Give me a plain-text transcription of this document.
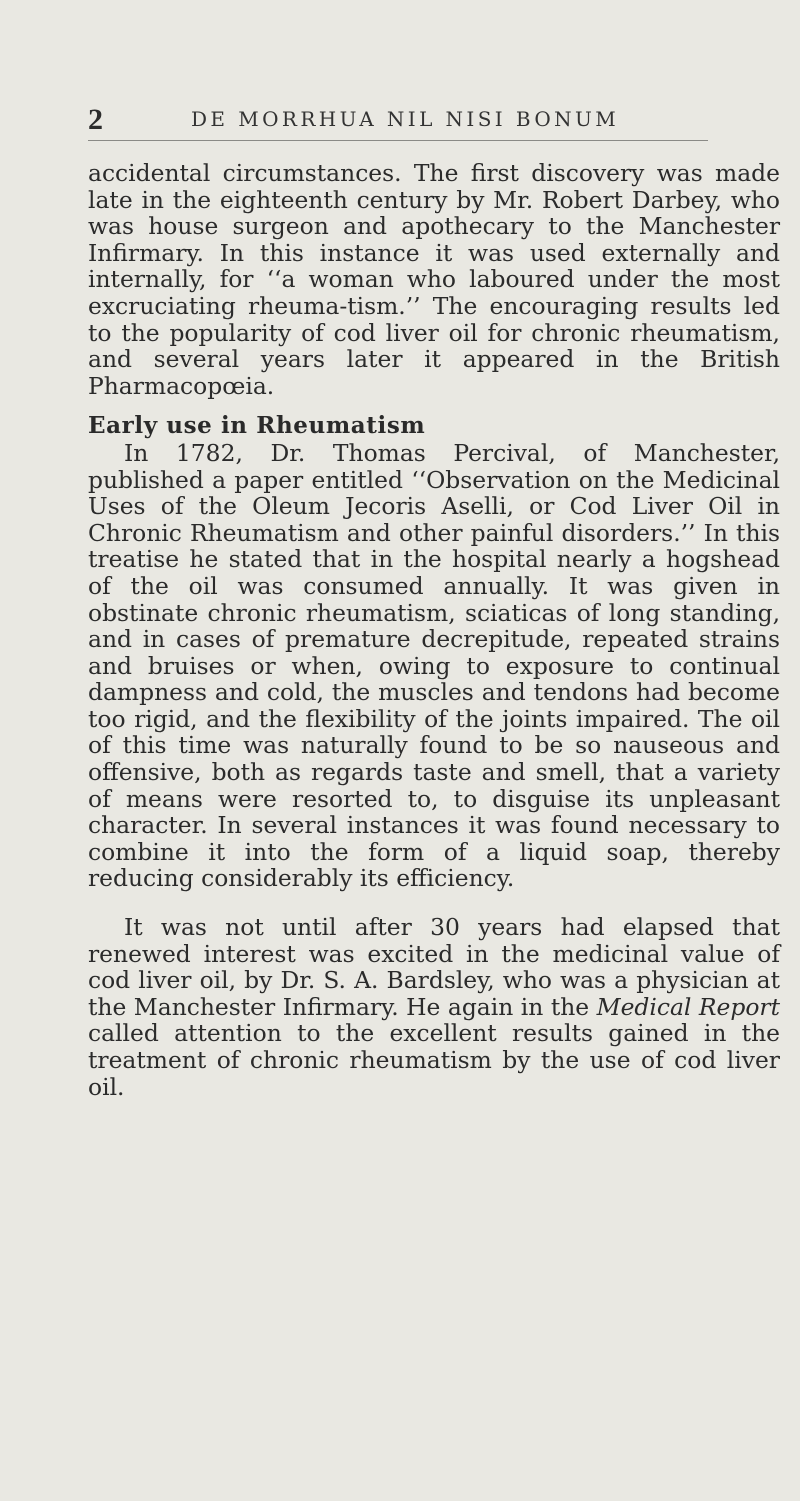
2	DE MORRHUA NIL NISI BONUM

accidental circumstances. The first discovery was made late in the eighteenth century by Mr. Robert Darbey, who was house surgeon and apothecary to the Manchester Infirmary. In this instance it was used externally and internally, for ‘‘a woman who laboured under the most excruciating rheuma-tism.’’ The encouraging results led to the popularity of cod liver oil for chronic rheumatism, and several years later it appeared in the British Pharmacopœia.

Early use in Rheumatism

In 1782, Dr. Thomas Percival, of Manchester, published a paper entitled ‘‘Observation on the Medicinal Uses of the Oleum Jecoris Aselli, or Cod Liver Oil in Chronic Rheumatism and other painful disorders.’’ In this treatise he stated that in the hospital nearly a hogshead of the oil was consumed annually. It was given in obstinate chronic rheumatism, sciaticas of long standing, and in cases of premature decrepitude, repeated strains and bruises or when, owing to exposure to continual dampness and cold, the muscles and tendons had become too rigid, and the flexibility of the joints impaired. The oil of this time was naturally found to be so nauseous and offensive, both as regards taste and smell, that a variety of means were resorted to, to disguise its unpleasant character. In several instances it was found necessary to combine it into the form of a liquid soap, thereby reducing considerably its efficiency.

It was not until after 30 years had elapsed that renewed interest was excited in the medicinal value of cod liver oil, by Dr. S. A. Bardsley, who was a physician at the Manchester Infirmary. He again in the Medical Report called attention to the excellent results gained in the treatment of chronic rheumatism by the use of cod liver oil.
